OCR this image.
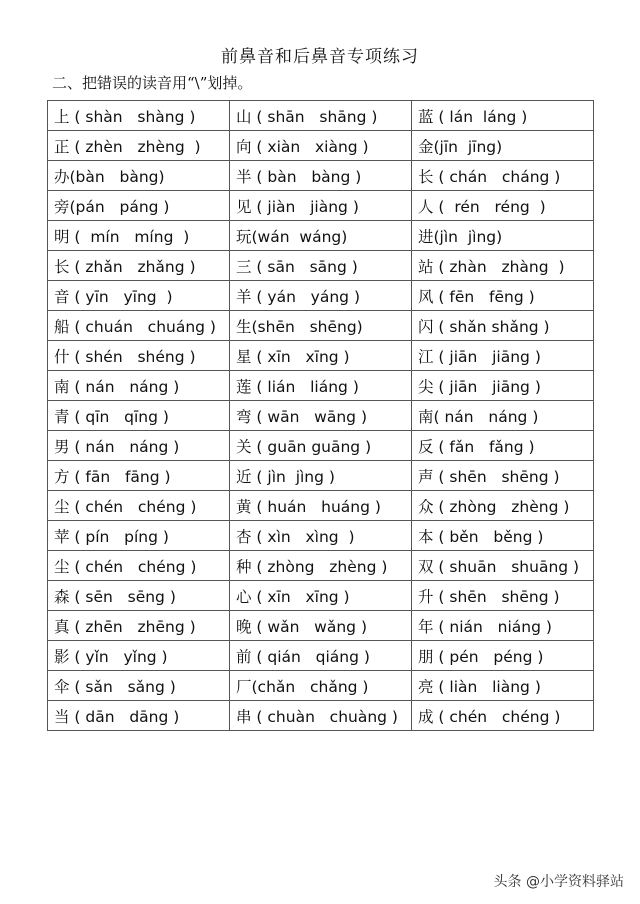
前鼻音和后鼻音专项练习
二、把错误的读音用“\”划掉。
上 ( shàn   shàng )	山 ( shān   shāng )	蓝 ( lán  láng )
正 ( zhèn   zhèng  )	向 ( xiàn   xiàng )	金(jīn  jīng)
办(bàn   bàng)	半 ( bàn   bàng )	长 ( chán   cháng )
旁(pán   páng )	见 ( jiàn   jiàng )	人 (  rén   réng  )
明 (  mín   míng  )	玩(wán  wáng)	进(jìn  jìng)
长 ( zhǎn   zhǎng )	三 ( sān   sāng )	站 ( zhàn   zhàng  )
音 ( yīn   yīng  )	羊 ( yán   yáng )	风 ( fēn   fēng )
船 ( chuán   chuáng )	生(shēn   shēng)	闪 ( shǎn shǎng )
什 ( shén   shéng )	星 ( xīn   xīng )	江 ( jiān   jiāng )
南 ( nán   náng )	莲 ( lián   liáng )	尖 ( jiān   jiāng )
青 ( qīn   qīng )	弯 ( wān   wāng )	南( nán   náng )
男 ( nán   náng )	关 ( guān guāng )	反 ( fǎn   fǎng )
方 ( fān   fāng )	近 ( jìn  jìng )	声 ( shēn   shēng )
尘 ( chén   chéng )	黄 ( huán   huáng )	众 ( zhòng   zhèng )
苹 ( pín   píng )	杏 ( xìn   xìng  )	本 ( běn   běng )
尘 ( chén   chéng )	种 ( zhòng   zhèng )	双 ( shuān   shuāng )
森 ( sēn   sēng )	心 ( xīn   xīng )	升 ( shēn   shēng )
真 ( zhēn   zhēng )	晚 ( wǎn   wǎng )	年 ( nián   niáng )
影 ( yǐn   yǐng )	前 ( qián   qiáng )	朋 ( pén   péng )
伞 ( sǎn   sǎng )	厂(chǎn   chǎng )	亮 ( liàn   liàng )
当 ( dān   dāng )	串 ( chuàn   chuàng )	成 ( chén   chéng )
头条 @小学资料驿站
